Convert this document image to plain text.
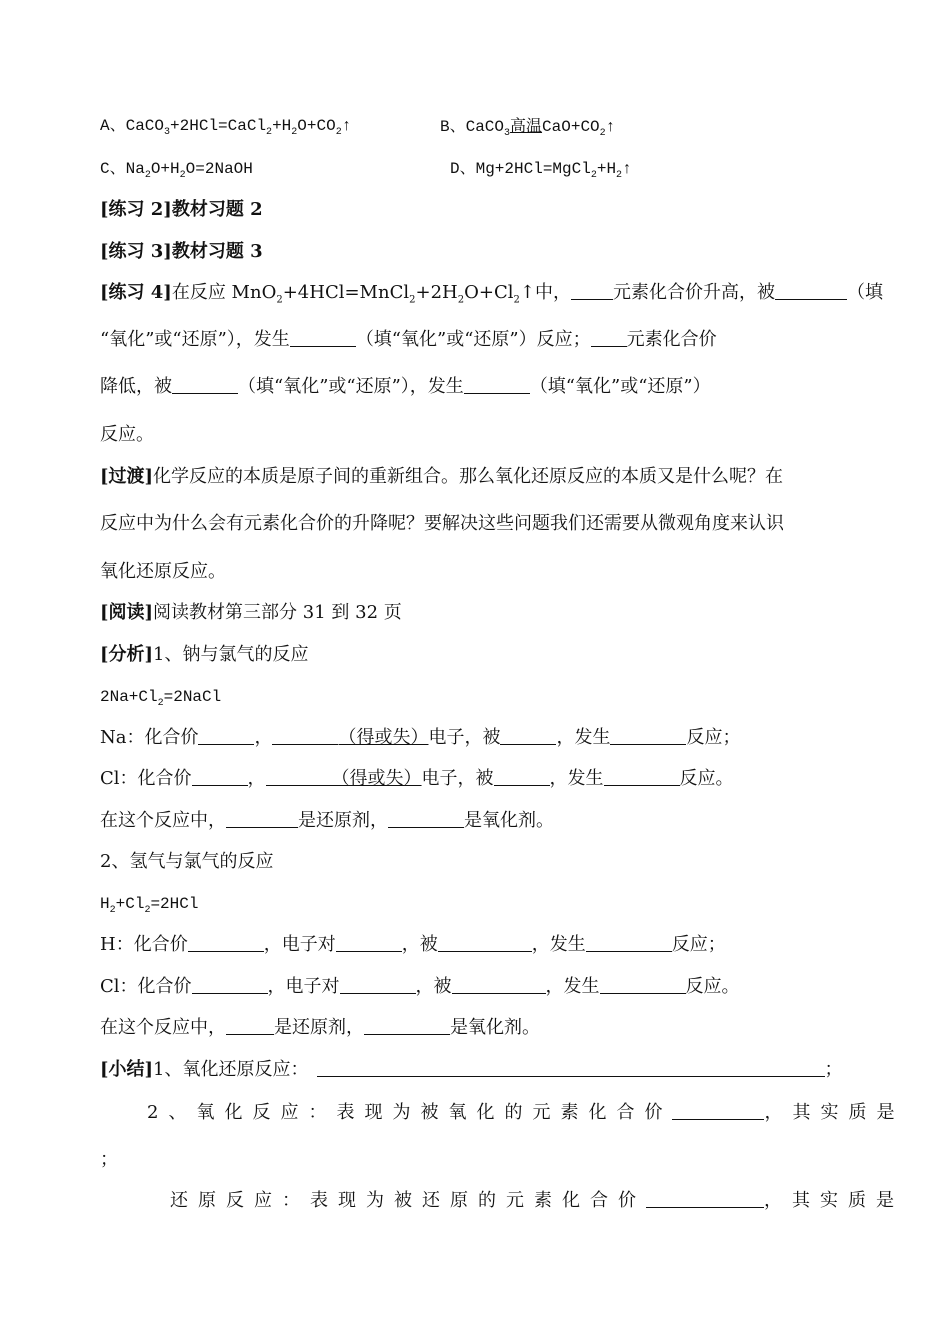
A、$CaCO_3+2HCl=CaCl_2+H_2O+CO_2↑$	B、CaCO$_3$高温$CaO+CO_2↑$
C、$Na_2O+H_2O=2NaOH$	D、$Mg+2HCl=MgCl_2+H_2↑$
[练习 2]教材习题 2
[练习 3]教材习题 3
[练习 4]在反应 $MnO_2+4HCl=MnCl_2+2H_2O+Cl_2↑$中， 元素化合价升高，被	（填
“氧化”或“还原”），发生	（填“氧化”或“还原”）反应； 元素化合价
降低，被	（填“氧化”或“还原”），发生	（填“氧化”或“还原”）
反应。
[过渡]化学反应的本质是原子间的重新组合。那么氧化还原反应的本质又是什么呢？在
反应中为什么会有元素化合价的升降呢？要解决这些问题我们还需要从微观角度来认识
氧化还原反应。
[阅读]阅读教材第三部分 31 到 32 页
[分析]1、钠与氯气的反应
$2Na+Cl_2=2NaCl$
Na：化合价	，	（得或失）电子，被	，发生	反应；
Cl：化合价	，	（得或失）电子，被	，发生	反应。
在这个反应中，	是还原剂，	是氧化剂。
2、氢气与氯气的反应
$H_2+Cl_2=2HCl$
H：化合价	，电子对	，被	，发生	反应；
Cl：化合价	，电子对	，被	，发生	反应。
在这个反应中，	是还原剂，	是氧化剂。
[小结]1、氧化还原反应：	；
2、氧化反应：表现为被氧化的元素化合价	，其实质是
；
还原反应：表现为被还原的元素化合价	，其实质是
